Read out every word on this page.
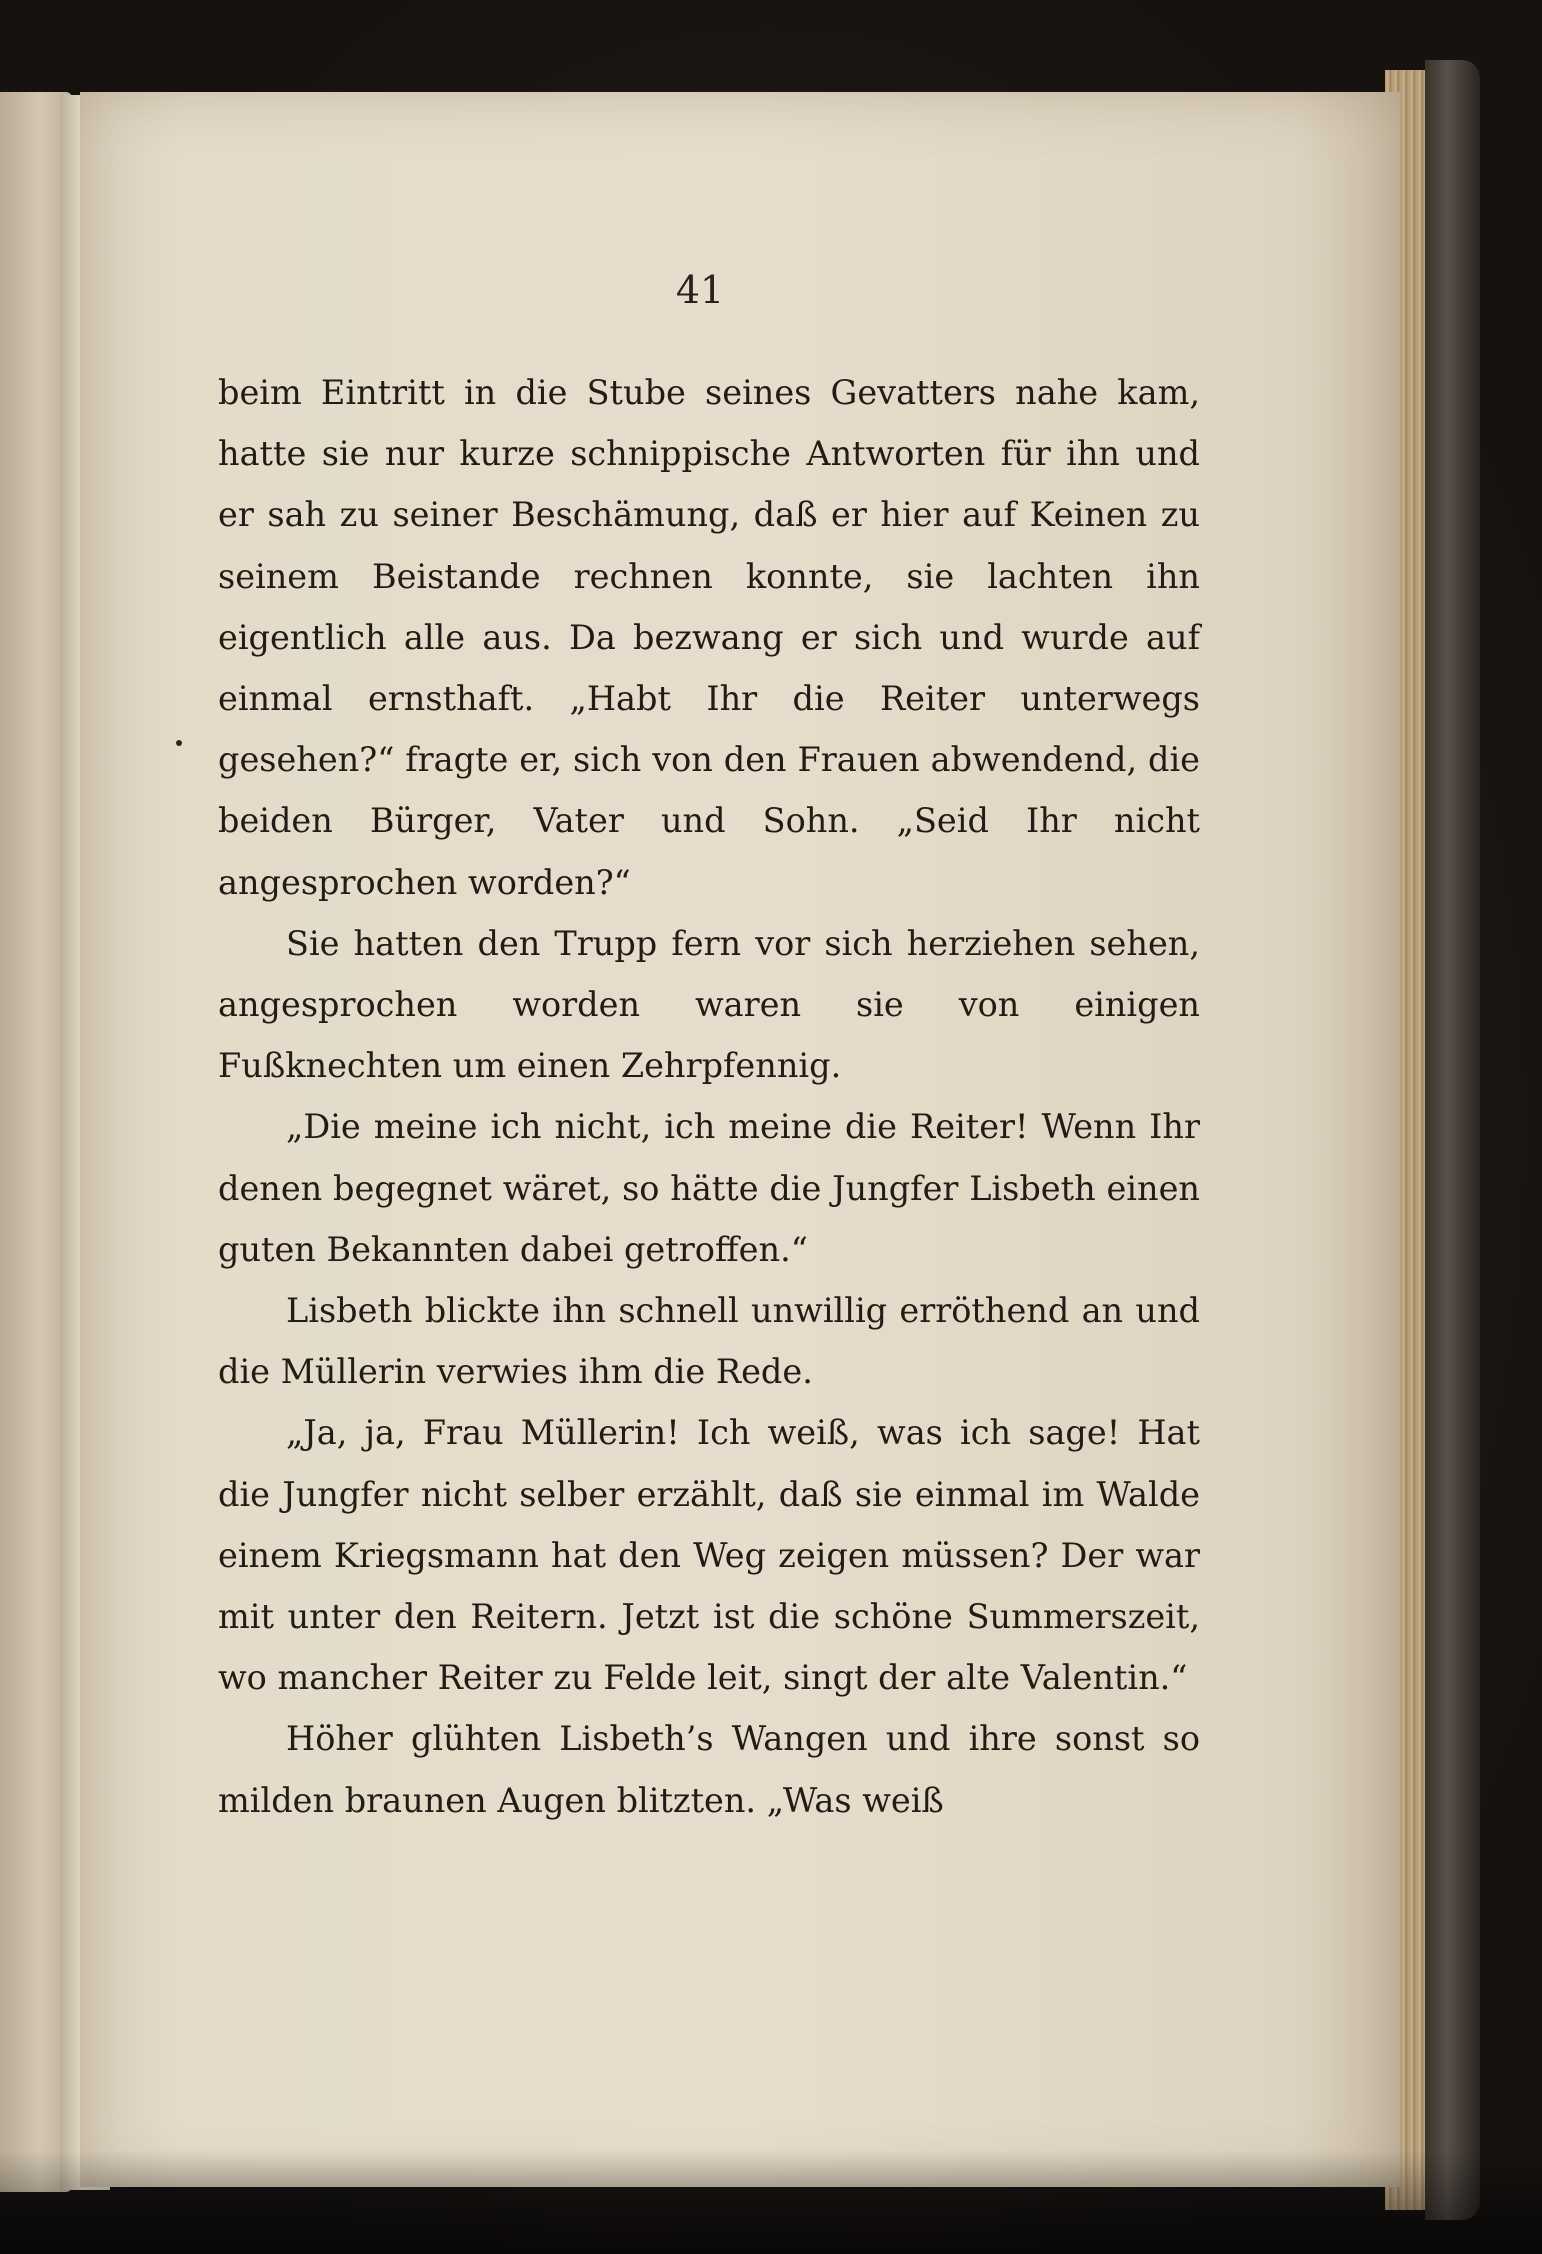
41

beim Eintritt in die Stube seines Gevatters nahe kam, hatte sie nur kurze schnippische Antworten für ihn und er sah zu seiner Beschämung, daß er hier auf Keinen zu seinem Beistande rechnen konnte, sie lachten ihn eigentlich alle aus. Da bezwang er sich und wurde auf einmal ernsthaft. „Habt Ihr die Reiter unterwegs gesehen?“ fragte er, sich von den Frauen abwendend, die beiden Bürger, Vater und Sohn. „Seid Ihr nicht angesprochen worden?“

Sie hatten den Trupp fern vor sich herziehen sehen, angesprochen worden waren sie von einigen Fußknechten um einen Zehrpfennig.

„Die meine ich nicht, ich meine die Reiter! Wenn Ihr denen begegnet wäret, so hätte die Jungfer Lisbeth einen guten Bekannten dabei getroffen.“

Lisbeth blickte ihn schnell unwillig erröthend an und die Müllerin verwies ihm die Rede.

„Ja, ja, Frau Müllerin! Ich weiß, was ich sage! Hat die Jungfer nicht selber erzählt, daß sie einmal im Walde einem Kriegsmann hat den Weg zeigen müssen? Der war mit unter den Reitern. Jetzt ist die schöne Summerszeit, wo mancher Reiter zu Felde leit, singt der alte Valentin.“

Höher glühten Lisbeth’s Wangen und ihre sonst so milden braunen Augen blitzten. „Was weiß
